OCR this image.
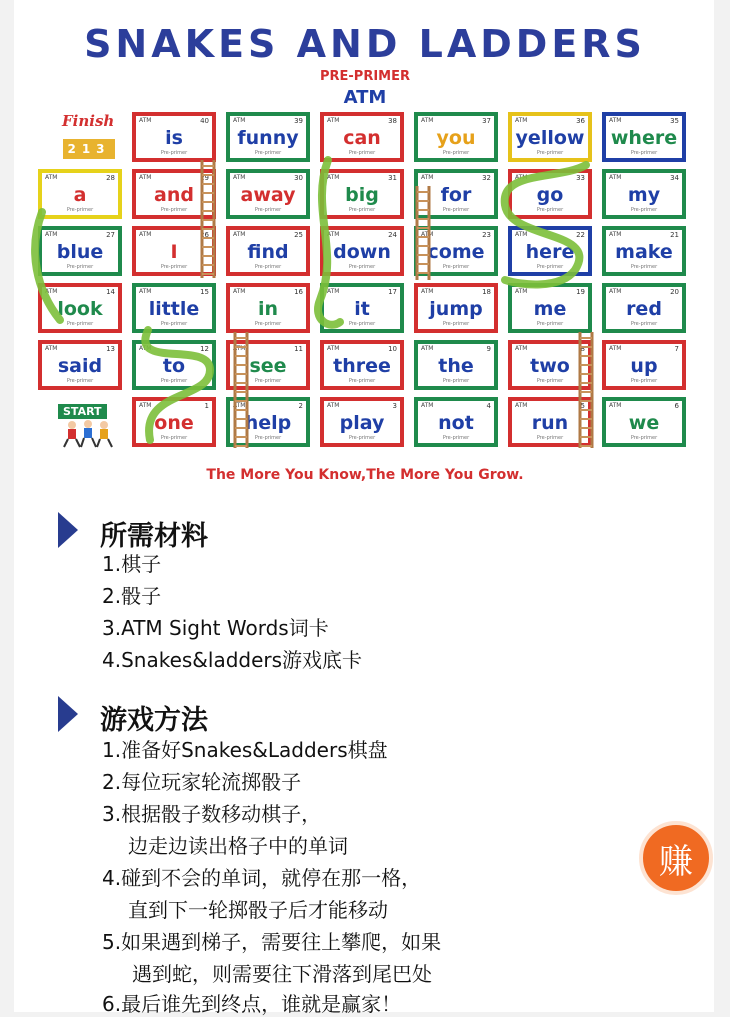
SNAKES AND LADDERS
PRE-PRIMER
ATM
Finish
213
ATM	40
is
Pre-primer
ATM	39
funny
Pre-primer
ATM	38
can
Pre-primer
ATM	37
you
Pre-primer
ATM	36
yellow
Pre-primer
ATM	35
where
Pre-primer
ATM	28
a
Pre-primer
ATM	29
and
Pre-primer
ATM	30
away
Pre-primer
ATM	31
big
Pre-primer
ATM	32
for
Pre-primer
ATM	33
go
Pre-primer
ATM	34
my
Pre-primer
ATM	27
blue
Pre-primer
ATM	26
I
Pre-primer
ATM	25
find
Pre-primer
ATM	24
down
Pre-primer
ATM	23
come
Pre-primer
ATM	22
here
Pre-primer
ATM	21
make
Pre-primer
ATM	14
look
Pre-primer
ATM	15
little
Pre-primer
ATM	16
in
Pre-primer
ATM	17
it
Pre-primer
ATM	18
jump
Pre-primer
ATM	19
me
Pre-primer
ATM	20
red
Pre-primer
ATM	13
said
Pre-primer
ATM	12
to
Pre-primer
ATM	11
see
Pre-primer
ATM	10
three
Pre-primer
ATM	9
the
Pre-primer
ATM	8
two
Pre-primer
ATM	7
up
Pre-primer
ATM	1
one
Pre-primer
ATM	2
help
Pre-primer
ATM	3
play
Pre-primer
ATM	4
not
Pre-primer
ATM	5
run
Pre-primer
ATM	6
we
Pre-primer
START
The More You Know,The More You Grow.
所需材料
1.棋子
2.骰子
3.ATM Sight Words词卡
4.Snakes&ladders游戏底卡
游戏方法
1.准备好Snakes&Ladders棋盘
2.每位玩家轮流掷骰子
3.根据骰子数移动棋子，
边走边读出格子中的单词
4.碰到不会的单词，就停在那一格，
直到下一轮掷骰子后才能移动
5.如果遇到梯子，需要往上攀爬，如果
遇到蛇，则需要往下滑落到尾巴处
6.最后谁先到终点，谁就是赢家！
赚
